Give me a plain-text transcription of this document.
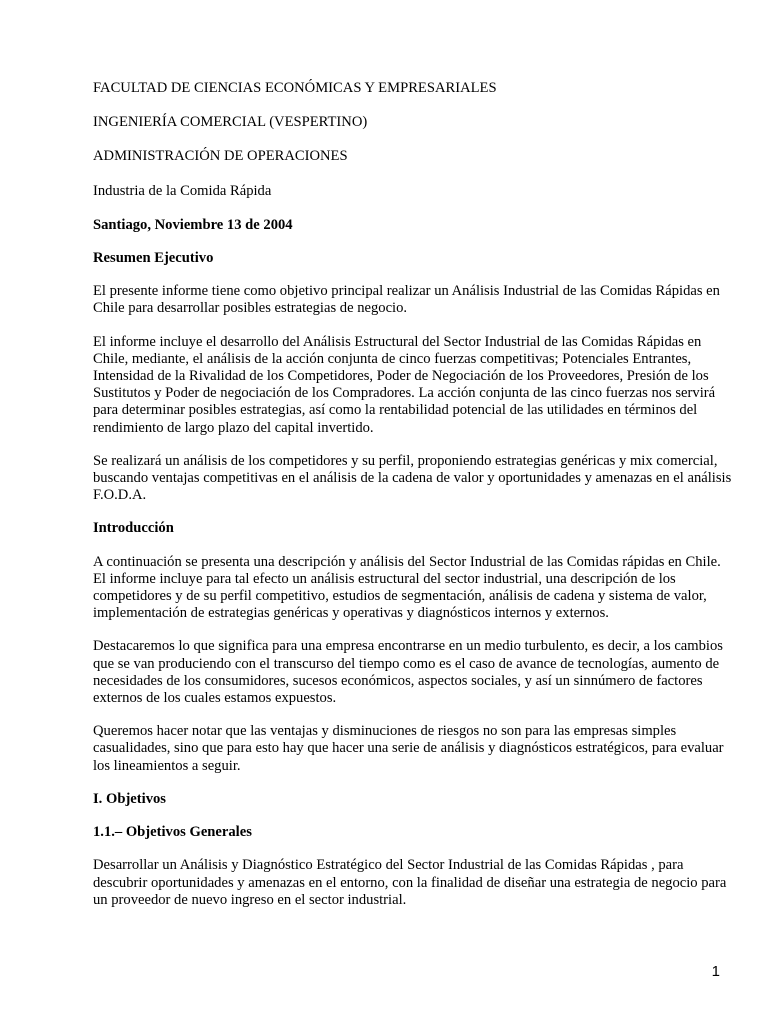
FACULTAD DE CIENCIAS ECONÓMICAS Y EMPRESARIALES

INGENIERÍA COMERCIAL (VESPERTINO)

ADMINISTRACIÓN DE OPERACIONES

Industria de la Comida Rápida

Santiago, Noviembre 13 de 2004

Resumen Ejecutivo

El presente informe tiene como objetivo principal realizar un Análisis Industrial de las Comidas Rápidas en Chile para desarrollar posibles estrategias de negocio.

El informe incluye el desarrollo del Análisis Estructural del Sector Industrial de las Comidas Rápidas en Chile, mediante, el análisis de la acción conjunta de cinco fuerzas competitivas; Potenciales Entrantes, Intensidad de la Rivalidad de los Competidores, Poder de Negociación de los Proveedores, Presión de los Sustitutos y Poder de negociación de los Compradores. La acción conjunta de las cinco fuerzas nos servirá para determinar posibles estrategias, así como la rentabilidad potencial de las utilidades en términos del rendimiento de largo plazo del capital invertido.

Se realizará un análisis de los competidores y su perfil, proponiendo estrategias genéricas y mix comercial, buscando ventajas competitivas en el análisis de la cadena de valor y oportunidades y amenazas en el análisis F.O.D.A.

Introducción

A continuación se presenta una descripción y análisis del Sector Industrial de las Comidas rápidas en Chile. El informe incluye para tal efecto un análisis estructural del sector industrial, una descripción de los competidores y de su perfil competitivo, estudios de segmentación, análisis de cadena y sistema de valor, implementación de estrategias genéricas y operativas y diagnósticos internos y externos.

Destacaremos lo que significa para una empresa encontrarse en un medio turbulento, es decir, a los cambios que se van produciendo con el transcurso del tiempo como es el caso de avance de tecnologías, aumento de necesidades de los consumidores, sucesos económicos, aspectos sociales, y así un sinnúmero de factores externos de los cuales estamos expuestos.

Queremos hacer notar que las ventajas y disminuciones de riesgos no son para las empresas simples casualidades, sino que para esto hay que hacer una serie de análisis y diagnósticos estratégicos, para evaluar los lineamientos a seguir.

I. Objetivos

1.1.– Objetivos Generales

Desarrollar un Análisis y Diagnóstico Estratégico del Sector Industrial de las Comidas Rápidas , para descubrir oportunidades y amenazas en el entorno, con la finalidad de diseñar una estrategia de negocio para un proveedor de nuevo ingreso en el sector industrial.

1
